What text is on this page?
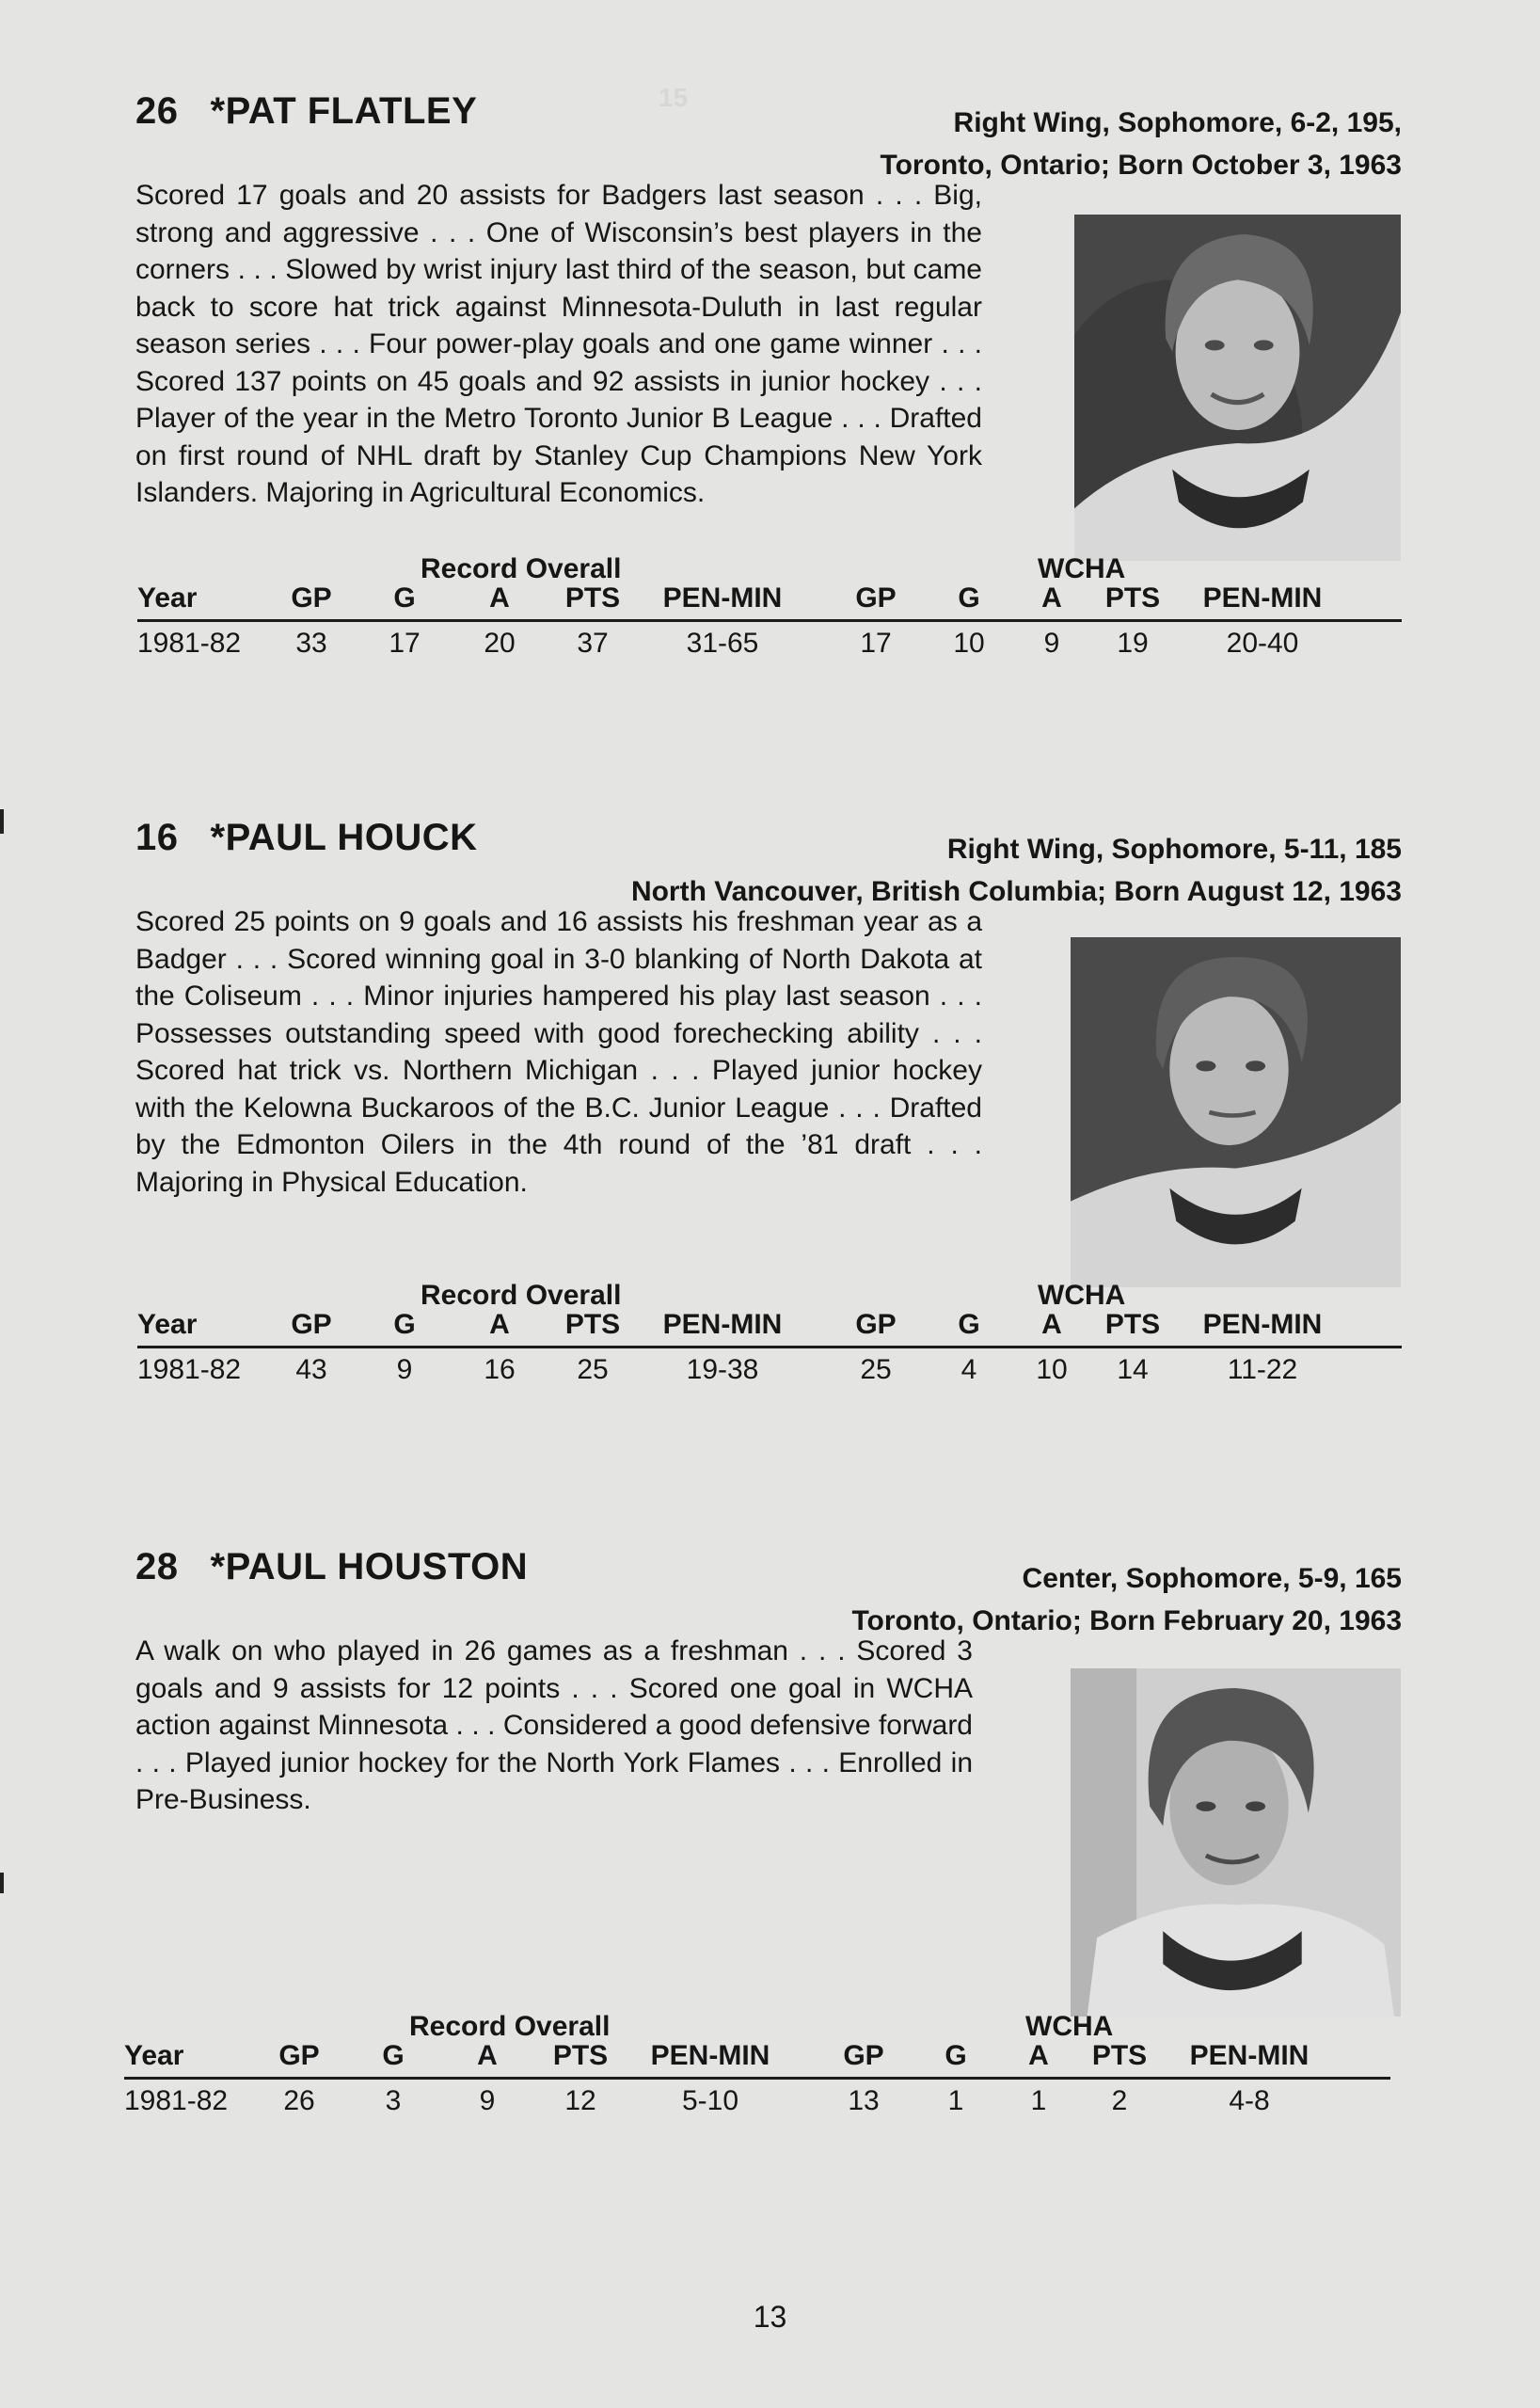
15
26 *PAT FLATLEY	Right Wing, Sophomore, 6-2, 195,
Toronto, Ontario; Born October 3, 1963
Scored 17 goals and 20 assists for Badgers last season . . . Big, strong and aggressive . . . One of Wisconsin’s best players in the corners . . . Slowed by wrist injury last third of the season, but came back to score hat trick against Minnesota-Duluth in last regular season series . . . Four power-play goals and one game winner . . . Scored 137 points on 45 goals and 92 assists in junior hockey . . . Player of the year in the Metro Toronto Junior B League . . . Drafted on first round of NHL draft by Stanley Cup Champions New York Islanders. Majoring in Agricultural Economics.
Record Overall	WCHA
Year	GP G	A PTS PEN-MIN	GP G A PTS PEN-MIN
1981-82 33 17 20 37	31-65	17 10 9 19	20-40
16 *PAUL HOUCK	Right Wing, Sophomore, 5-11, 185
North Vancouver, British Columbia; Born August 12, 1963
Scored 25 points on 9 goals and 16 assists his freshman year as a Badger . . . Scored winning goal in 3-0 blanking of North Dakota at the Coliseum . . . Minor injuries hampered his play last season . . . Possesses outstanding speed with good forechecking ability . . . Scored hat trick vs. Northern Michigan . . . Played junior hockey with the Kelowna Buckaroos of the B.C. Junior League . . . Drafted by the Edmonton Oilers in the 4th round of the ’81 draft . . . Majoring in Physical Education.
Record Overall	WCHA
Year	GP G	A PTS PEN-MIN	GP G A PTS PEN-MIN
1981-82 43 9	16 25	19-38	25 4 10 14	11-22
28 *PAUL HOUSTON	Center, Sophomore, 5-9, 165
Toronto, Ontario; Born February 20, 1963
A walk on who played in 26 games as a freshman . . . Scored 3 goals and 9 assists for 12 points . . . Scored one goal in WCHA action against Minnesota . . . Considered a good defensive forward . . . Played junior hockey for the North York Flames . . . Enrolled in Pre-Business.
Record Overall	WCHA
Year	GP G	A PTS PEN-MIN	GP G A PTS PEN-MIN
1981-82 26 3	9 12	5-10	13 1 1 2	4-8
13
